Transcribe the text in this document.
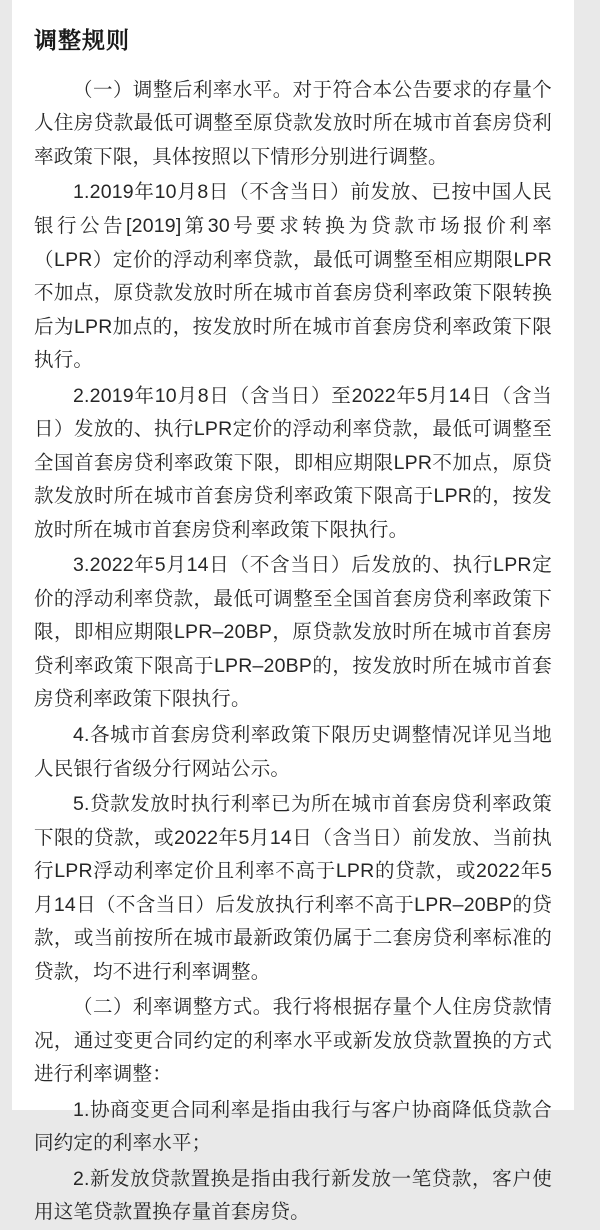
调整规则

（一）调整后利率水平。对于符合本公告要求的存量个人住房贷款最低可调整至原贷款发放时所在城市首套房贷利率政策下限，具体按照以下情形分别进行调整。

1.2019年10月8日（不含当日）前发放、已按中国人民银行公告[2019]第30号要求转换为贷款市场报价利率（LPR）定价的浮动利率贷款，最低可调整至相应期限LPR不加点，原贷款发放时所在城市首套房贷利率政策下限转换后为LPR加点的，按发放时所在城市首套房贷利率政策下限执行。

2.2019年10月8日（含当日）至2022年5月14日（含当日）发放的、执行LPR定价的浮动利率贷款，最低可调整至全国首套房贷利率政策下限，即相应期限LPR不加点，原贷款发放时所在城市首套房贷利率政策下限高于LPR的，按发放时所在城市首套房贷利率政策下限执行。

3.2022年5月14日（不含当日）后发放的、执行LPR定价的浮动利率贷款，最低可调整至全国首套房贷利率政策下限，即相应期限LPR–20BP，原贷款发放时所在城市首套房贷利率政策下限高于LPR–20BP的，按发放时所在城市首套房贷利率政策下限执行。

4.各城市首套房贷利率政策下限历史调整情况详见当地人民银行省级分行网站公示。

5.贷款发放时执行利率已为所在城市首套房贷利率政策下限的贷款，或2022年5月14日（含当日）前发放、当前执行LPR浮动利率定价且利率不高于LPR的贷款，或2022年5月14日（不含当日）后发放执行利率不高于LPR–20BP的贷款，或当前按所在城市最新政策仍属于二套房贷利率标准的贷款，均不进行利率调整。

（二）利率调整方式。我行将根据存量个人住房贷款情况，通过变更合同约定的利率水平或新发放贷款置换的方式进行利率调整：

1.协商变更合同利率是指由我行与客户协商降低贷款合同约定的利率水平；

2.新发放贷款置换是指由我行新发放一笔贷款，客户使用这笔贷款置换存量首套房贷。
